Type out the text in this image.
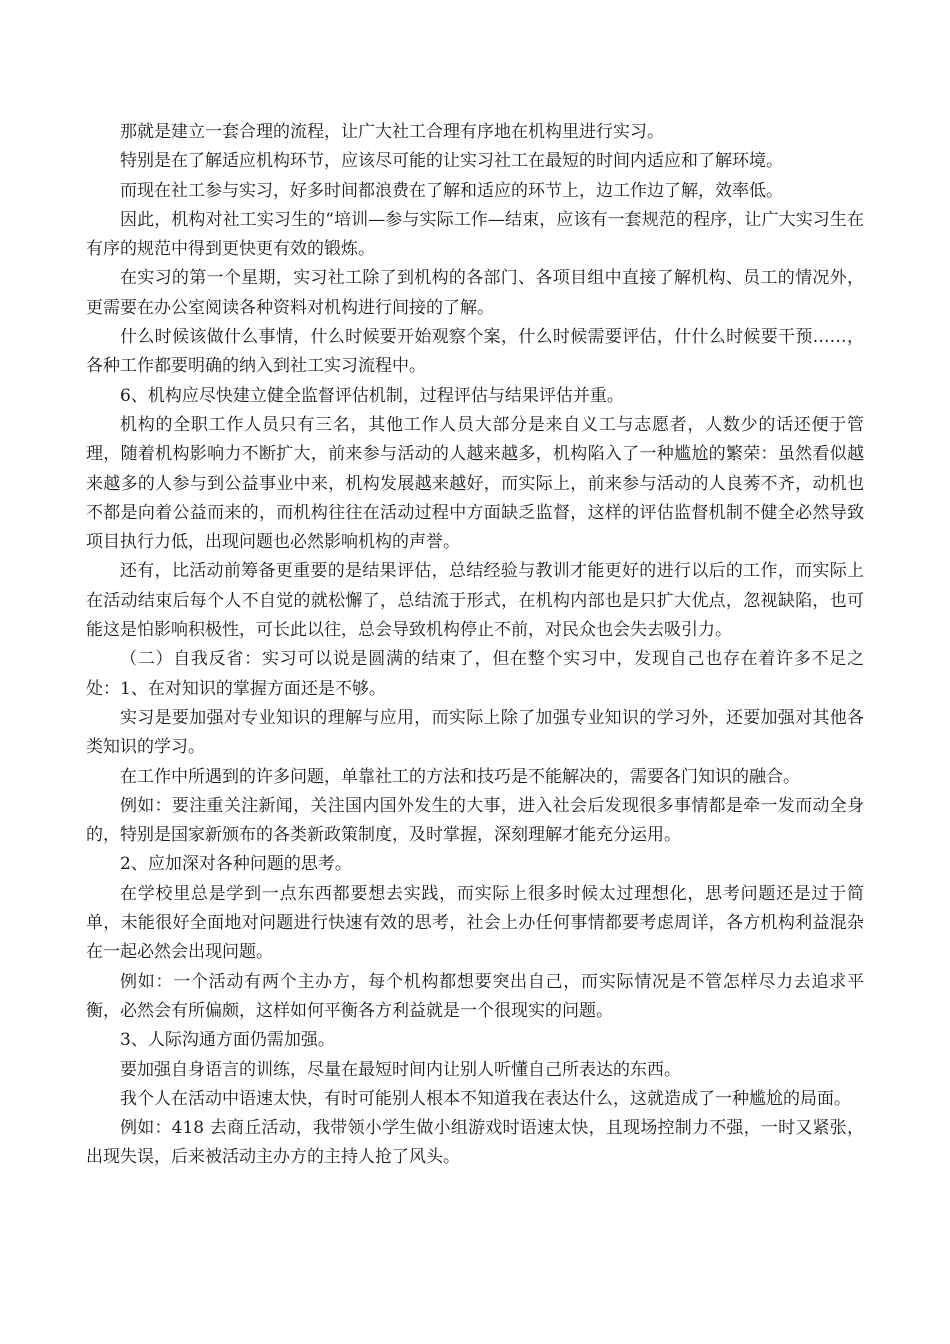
那就是建立一套合理的流程，让广大社工合理有序地在机构里进行实习。

特别是在了解适应机构环节，应该尽可能的让实习社工在最短的时间内适应和了解环境。

而现在社工参与实习，好多时间都浪费在了解和适应的环节上，边工作边了解，效率低。

因此，机构对社工实习生的“培训—参与实际工作—结束，应该有一套规范的程序，让广大实习生在有序的规范中得到更快更有效的锻炼。

在实习的第一个星期，实习社工除了到机构的各部门、各项目组中直接了解机构、员工的情况外，更需要在办公室阅读各种资料对机构进行间接的了解。

什么时候该做什么事情，什么时候要开始观察个案，什么时候需要评估，什什么时候要干预……，各种工作都要明确的纳入到社工实习流程中。

6、机构应尽快建立健全监督评估机制，过程评估与结果评估并重。

机构的全职工作人员只有三名，其他工作人员大部分是来自义工与志愿者，人数少的话还便于管理，随着机构影响力不断扩大，前来参与活动的人越来越多，机构陷入了一种尴尬的繁荣：虽然看似越来越多的人参与到公益事业中来，机构发展越来越好，而实际上，前来参与活动的人良莠不齐，动机也不都是向着公益而来的，而机构往往在活动过程中方面缺乏监督，这样的评估监督机制不健全必然导致项目执行力低，出现问题也必然影响机构的声誉。

还有，比活动前筹备更重要的是结果评估，总结经验与教训才能更好的进行以后的工作，而实际上在活动结束后每个人不自觉的就松懈了，总结流于形式，在机构内部也是只扩大优点，忽视缺陷，也可能这是怕影响积极性，可长此以往，总会导致机构停止不前，对民众也会失去吸引力。

（二）自我反省：实习可以说是圆满的结束了，但在整个实习中，发现自己也存在着许多不足之处：1、在对知识的掌握方面还是不够。

实习是要加强对专业知识的理解与应用，而实际上除了加强专业知识的学习外，还要加强对其他各类知识的学习。

在工作中所遇到的许多问题，单靠社工的方法和技巧是不能解决的，需要各门知识的融合。

例如：要注重关注新闻，关注国内国外发生的大事，进入社会后发现很多事情都是牵一发而动全身的，特别是国家新颁布的各类新政策制度，及时掌握，深刻理解才能充分运用。

2、应加深对各种问题的思考。

在学校里总是学到一点东西都要想去实践，而实际上很多时候太过理想化，思考问题还是过于简单，未能很好全面地对问题进行快速有效的思考，社会上办任何事情都要考虑周详，各方机构利益混杂在一起必然会出现问题。

例如：一个活动有两个主办方，每个机构都想要突出自己，而实际情况是不管怎样尽力去追求平衡，必然会有所偏颇，这样如何平衡各方利益就是一个很现实的问题。

3、人际沟通方面仍需加强。

要加强自身语言的训练，尽量在最短时间内让别人听懂自己所表达的东西。

我个人在活动中语速太快，有时可能别人根本不知道我在表达什么，这就造成了一种尴尬的局面。

例如：418 去商丘活动，我带领小学生做小组游戏时语速太快，且现场控制力不强，一时又紧张，出现失误，后来被活动主办方的主持人抢了风头。
